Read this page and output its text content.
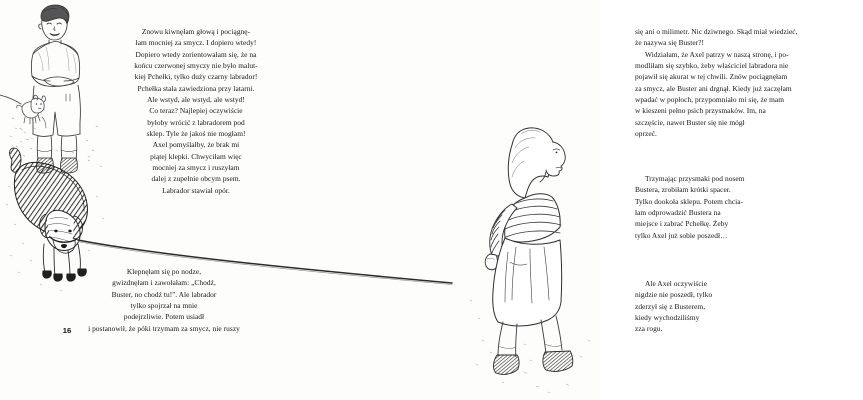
Znowu kiwnęłam głową i pociągnę-

łam mocniej za smycz. I dopiero wtedy!

Dopiero wtedy zorientowałam się, że na

końcu czerwonej smyczy nie było malut-

kiej Pchełki, tylko duży czarny labrador!

Pchełka stała zawiedziona przy latarni.

Ale wstyd, ale wstyd, ale wstyd!

Co teraz? Najlepiej oczywiście

byłoby wrócić z labradorem pod

sklep. Tyle że jakoś nie mogłam!

Axel pomyślałby, że brak mi

piątej klepki. Chwyciłam więc

mocniej za smycz i ruszyłam

dalej z zupełnie obcym psem.

Labrador stawiał opór.

Klepnęłam się po nodze,

gwizdnęłam i zawołałam: „Chodź,

Buster, no chodź tu!". Ale labrador

tylko spojrzał na mnie

podejrzliwie. Potem usiadł

i postanowił, że póki trzymam za smycz, nie ruszy

16

się ani o milimetr. Nic dziwnego. Skąd miał wiedzieć,

że nazywa się Buster?!

Widziałam, że Axel patrzy w naszą stronę, i po-

modliłam się szybko, żeby właściciel labradora nie

pojawił się akurat w tej chwili. Znów pociągnęłam

za smycz, ale Buster ani drgnął. Kiedy już zaczęłam

wpadać w popłoch, przypomniało mi się, że mam

w kieszeni pełno psich przysmaków. Im, na

szczęście, nawet Buster się nie mógł

oprzeć.

Trzymając przysmaki pod nosem

Bustera, zrobiłam krótki spacer.

Tylko dookoła sklepu. Potem chcia-

łam odprowadzić Bustera na

miejsce i zabrać Pchełkę. Żeby

tylko Axel już sobie poszedł…

Ale Axel oczywiście

nigdzie nie poszedł, tylko

zderzył się z Busterem,

kiedy wychodziliśmy

zza rogu.
